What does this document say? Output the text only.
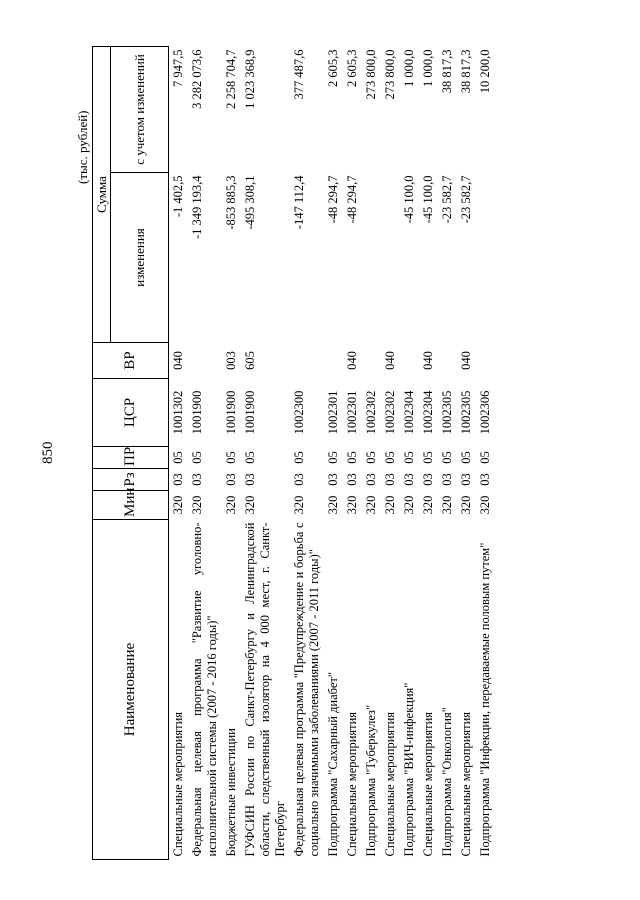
850
(тыс. рублей)
Наименование	Мин	Рз	ПР	ЦСР	ВР	Сумма	
						изменения	с учетом изменений
Специальные мероприятия	320	03	05	1001302	040	-1 402,5	7 947,5
Федеральная целевая программа "Развитие уголовно-исполнительной системы (2007 - 2016 годы)"	320	03	05	1001900		-1 349 193,4	3 282 073,6
Бюджетные инвестиции	320	03	05	1001900	003	-853 885,3	2 258 704,7
ГУФСИН России по Санкт-Петербургу и Ленинградской области, следственный изолятор на 4 000 мест, г. Санкт-Петербург	320	03	05	1001900	605	-495 308,1	1 023 368,9
Федеральная целевая программа "Предупреждение и борьба с социально значимыми заболеваниями (2007 - 2011 годы)"	320	03	05	1002300		-147 112,4	377 487,6
Подпрограмма "Сахарный диабет"	320	03	05	1002301		-48 294,7	2 605,3
Специальные мероприятия	320	03	05	1002301	040	-48 294,7	2 605,3
Подпрограмма "Туберкулез"	320	03	05	1002302			273 800,0
Специальные мероприятия	320	03	05	1002302	040		273 800,0
Подпрограмма "ВИЧ-инфекция"	320	03	05	1002304		-45 100,0	1 000,0
Специальные мероприятия	320	03	05	1002304	040	-45 100,0	1 000,0
Подпрограмма "Онкология"	320	03	05	1002305		-23 582,7	38 817,3
Специальные мероприятия	320	03	05	1002305	040	-23 582,7	38 817,3
Подпрограмма "Инфекции, передаваемые половым путем"	320	03	05	1002306			10 200,0
